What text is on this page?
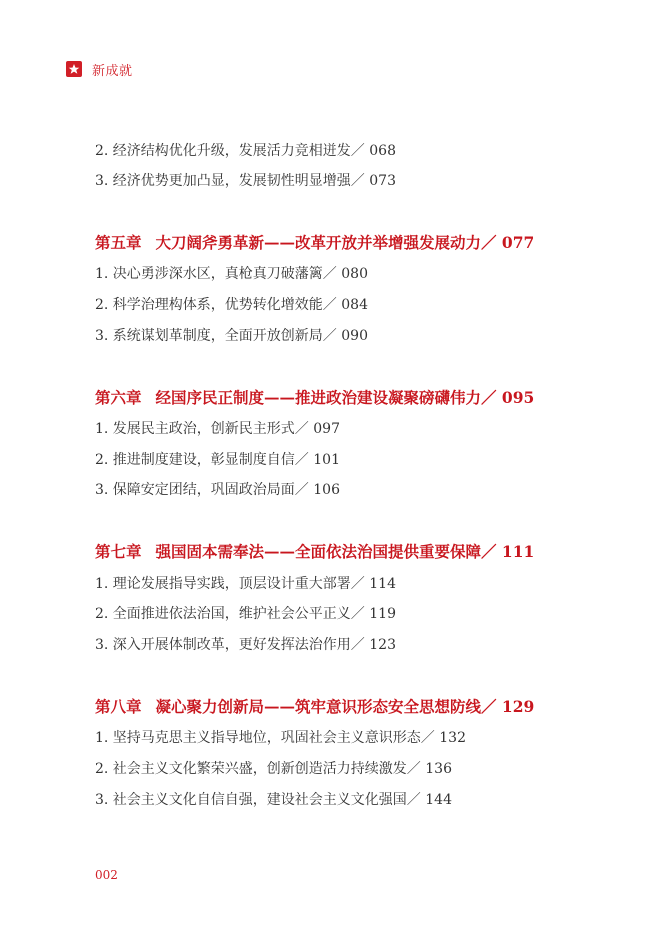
新成就
2. 经济结构优化升级，发展活力竞相迸发／ 068
3. 经济优势更加凸显，发展韧性明显增强／ 073
第五章 大刀阔斧勇革新——改革开放并举增强发展动力／ 077
1. 决心勇涉深水区，真枪真刀破藩篱／ 080
2. 科学治理构体系，优势转化增效能／ 084
3. 系统谋划革制度，全面开放创新局／ 090
第六章 经国序民正制度——推进政治建设凝聚磅礴伟力／ 095
1. 发展民主政治，创新民主形式／ 097
2. 推进制度建设，彰显制度自信／ 101
3. 保障安定团结，巩固政治局面／ 106
第七章 强国固本需奉法——全面依法治国提供重要保障／ 111
1. 理论发展指导实践，顶层设计重大部署／ 114
2. 全面推进依法治国，维护社会公平正义／ 119
3. 深入开展体制改革，更好发挥法治作用／ 123
第八章 凝心聚力创新局——筑牢意识形态安全思想防线／ 129
1. 坚持马克思主义指导地位，巩固社会主义意识形态／ 132
2. 社会主义文化繁荣兴盛，创新创造活力持续激发／ 136
3. 社会主义文化自信自强，建设社会主义文化强国／ 144
002
